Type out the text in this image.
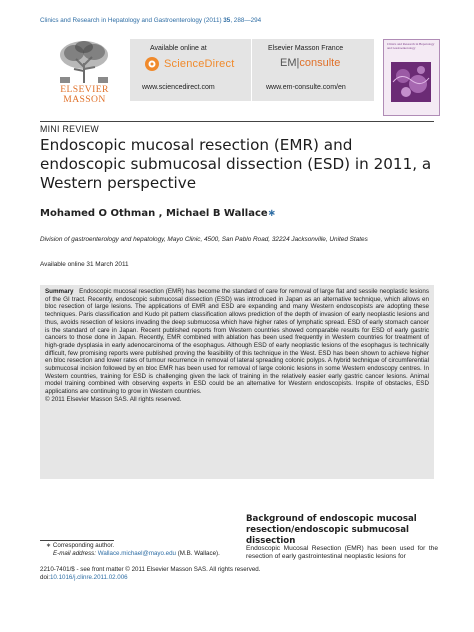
Clinics and Research in Hepatology and Gastroenterology (2011) 35, 288—294
ELSEVIER
MASSON
Available online at
ScienceDirect
www.sciencedirect.com
Elsevier Masson France
EM|consulte
www.em-consulte.com/en
Clinics and Research in Hepatology and Gastroenterology
MINI REVIEW
Endoscopic mucosal resection (EMR) and endoscopic submucosal dissection (ESD) in 2011, a Western perspective
Mohamed O Othman , Michael B Wallace∗
Division of gastroenterology and hepatology, Mayo Clinic, 4500, San Pablo Road, 32224 Jacksonville, United States
Available online 31 March 2011
Summary Endoscopic mucosal resection (EMR) has become the standard of care for removal of large flat and sessile neoplastic lesions of the GI tract. Recently, endoscopic submucosal dissection (ESD) was introduced in Japan as an alternative technique, which allows en bloc resection of large lesions. The applications of EMR and ESD are expanding and many Western endoscopists are adopting these techniques. Paris classification and Kudo pit pattern classification allows prediction of the depth of invasion of early neoplastic lesions and thus, avoids resection of lesions invading the deep submucosa which have higher rates of lymphatic spread. ESD of early stomach cancer is the standard of care in Japan. Recent published reports from Western countries showed comparable results for ESD of early gastric cancers to those done in Japan. Recently, EMR combined with ablation has been used frequently in Western countries for treatment of high-grade dysplasia in early adenocarcinoma of the esophagus. Although ESD of early neoplastic lesions of the esophagus is technically difficult, few promising reports were published proving the feasibility of this technique in the West. ESD has been shown to achieve higher en bloc resection and lower rates of tumour recurrence in removal of lateral spreading colonic polyps. A hybrid technique of circumferential submucosal incision followed by en bloc EMR has been used for removal of large colonic lesions in some Western endoscopy centres. In Western countries, training for ESD is challenging given the lack of training in the relatively easier early gastric cancer lesions. Animal model training combined with observing experts in ESD could be an alternative for Western endoscopists. Inspite of obstacles, ESD applications are continuing to grow in Western countries.
© 2011 Elsevier Masson SAS. All rights reserved.
Background of endoscopic mucosal resection/endoscopic submucosal dissection
Endoscopic Mucosal Resection (EMR) has been used for the resection of early gastrointestinal neoplastic lesions for
∗ Corresponding author.
E-mail address: Wallace.michael@mayo.edu (M.B. Wallace).
2210-7401/$ - see front matter © 2011 Elsevier Masson SAS. All rights reserved.
doi:10.1016/j.clinre.2011.02.006
